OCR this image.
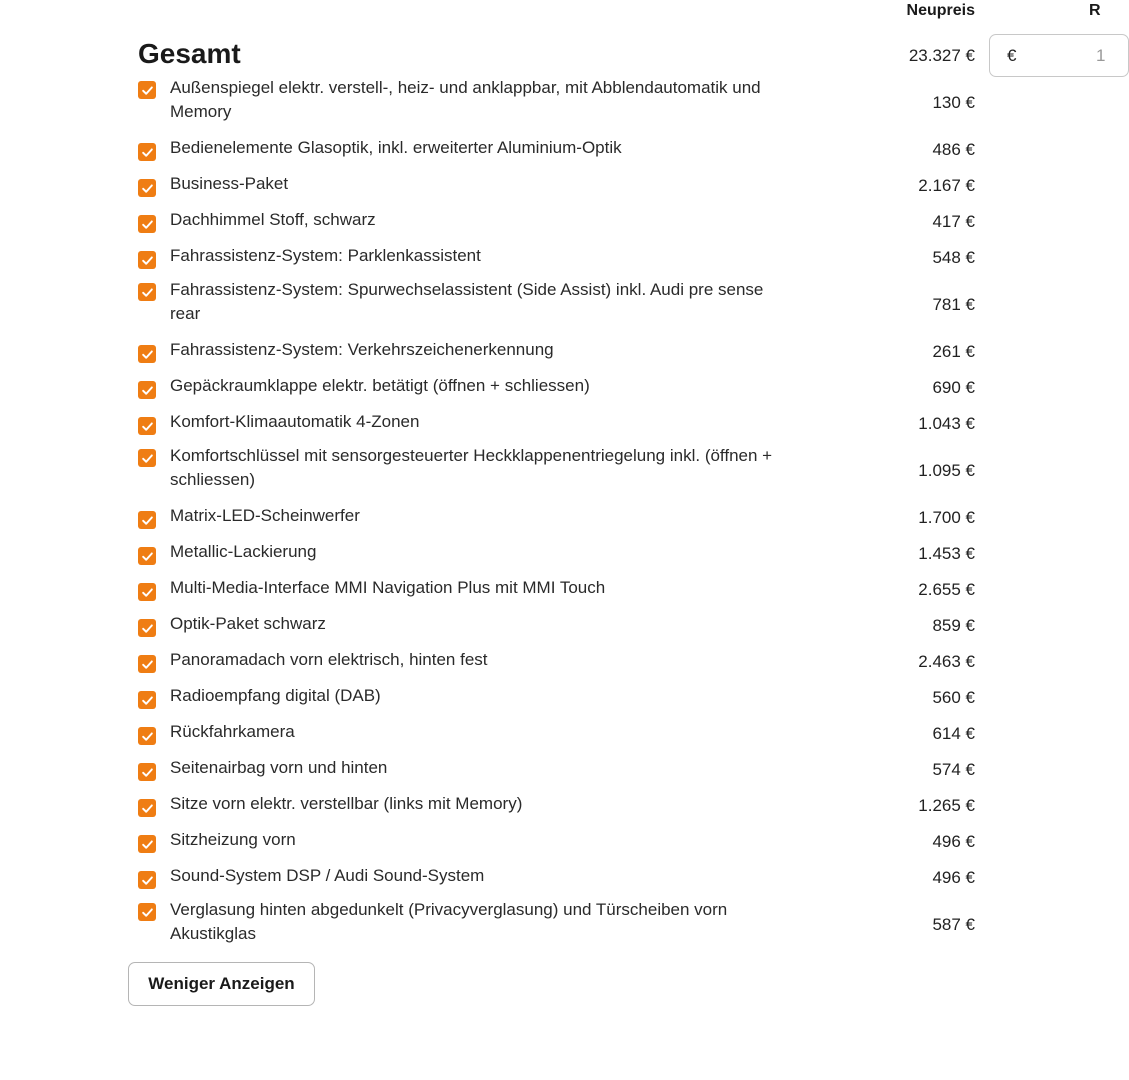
Neupreis	R
Gesamt	23.327 €	€	1
Außenspiegel elektr. verstell-, heiz- und anklappbar, mit Abblendautomatik und Memory	130 €
Bedienelemente Glasoptik, inkl. erweiterter Aluminium-Optik	486 €
Business-Paket	2.167 €
Dachhimmel Stoff, schwarz	417 €
Fahrassistenz-System: Parklenkassistent	548 €
Fahrassistenz-System: Spurwechselassistent (Side Assist) inkl. Audi pre sense rear	781 €
Fahrassistenz-System: Verkehrszeichenerkennung	261 €
Gepäckraumklappe elektr. betätigt (öffnen + schliessen)	690 €
Komfort-Klimaautomatik 4-Zonen	1.043 €
Komfortschlüssel mit sensorgesteuerter Heckklappenentriegelung inkl. (öffnen + schliessen)	1.095 €
Matrix-LED-Scheinwerfer	1.700 €
Metallic-Lackierung	1.453 €
Multi-Media-Interface MMI Navigation Plus mit MMI Touch	2.655 €
Optik-Paket schwarz	859 €
Panoramadach vorn elektrisch, hinten fest	2.463 €
Radioempfang digital (DAB)	560 €
Rückfahrkamera	614 €
Seitenairbag vorn und hinten	574 €
Sitze vorn elektr. verstellbar (links mit Memory)	1.265 €
Sitzheizung vorn	496 €
Sound-System DSP / Audi Sound-System	496 €
Verglasung hinten abgedunkelt (Privacyverglasung) und Türscheiben vorn Akustikglas	587 €
Weniger Anzeigen
